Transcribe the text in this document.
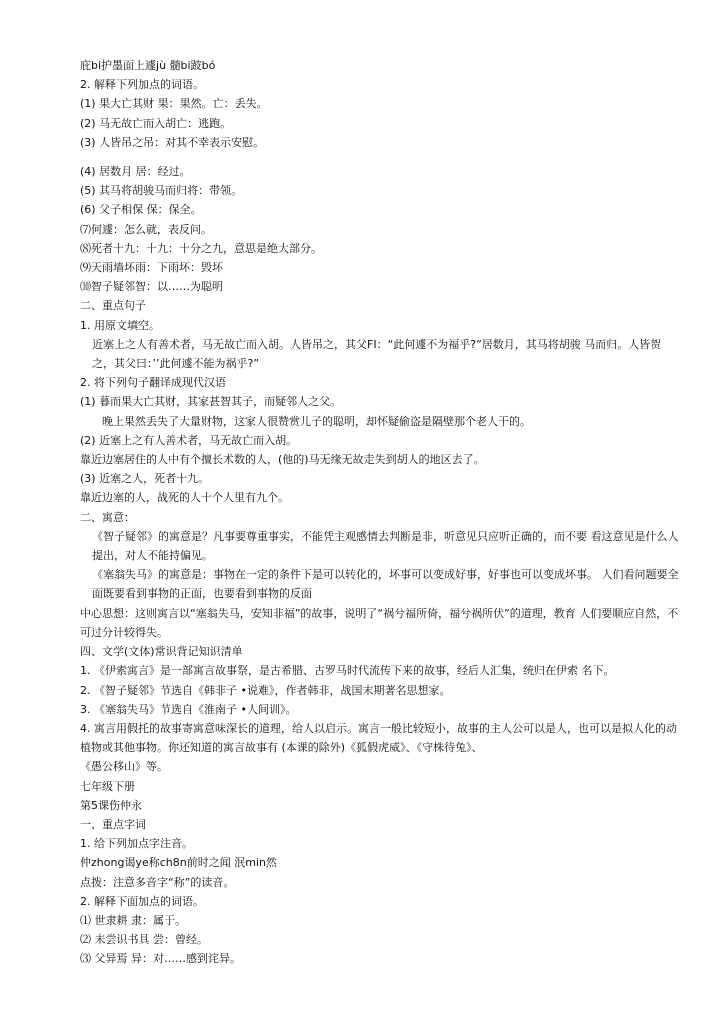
庇bi护墨面上遽jù 髓bi跛bó
2. 解释下列加点的词语。
(1) 果大亡其财 果：果然。亡：丢失。
(2) 马无故亡而入胡亡：逃跑。
(3) 人皆吊之吊：对其不幸表示安慰。
(4) 居数月 居：经过。
(5) 其马将胡骏马而归将：带领。
(6) 父子相保 保：保全。
⑺何遽：怎么就，表反问。
⑻死者十九：十九：十分之九，意思是绝大部分。
⑼天雨墙坏雨：下雨坏：毁坏
⑽智子疑邻智：以……为聪明
二、重点句子
1. 用原文填空。
近塞上之人有善术者，马无故亡而入胡。人皆吊之，其父FI：“此何遽不为福乎?”居数月，其马将胡骏 马而归。人皆贺之，其父曰：’’此何遽不能为祸乎?”
2. 将下列句子翻译成现代汉语
(1) 暮而果大亡其财，其家甚智其子，而疑邻人之父。
晚上果然丢失了大量财物，这家人很赞赏儿子的聪明，却怀疑偷盗是隔壁那个老人干的。
(2) 近塞上之有人善术者，马无故亡而入胡。
靠近边塞居住的人中有个擅长术数的人，(他的)马无缘无故走失到胡人的地区去了。
(3) 近塞之人，死者十九。
靠近边塞的人，战死的人十个人里有九个。
二、寓意：
《智子疑邻》的寓意是？凡事要尊重事实，不能凭主观感情去判断是非，听意见只应听正确的，而不要 看这意见是什么人提出，对人不能持偏见。
《塞翁失马》的寓意是：事物在一定的条件下是可以转化的，坏事可以变成好事，好事也可以变成坏事。 人们看问题要全面既要看到事物的正面，也要看到事物的反面
中心思想：这则寓言以“塞翁失马，安知非福”的故事，说明了“祸兮福所倚，福兮祸所伏”的道理，教育 人们要顺应自然，不可过分计较得失。
四、文学(文体)常识背记知识清单
1. 《伊索寓言》是一部寓言故事祭，是古希腊、古罗马时代流传下来的故事，经后人汇集，统归在伊索 名下。
2. 《智子疑邻》节选自《韩非子 •说难》，作者韩非，战国末期著名思想家。
3. 《塞翁失马》节选自《淮南子 •人间训》。
4. 寓言用假托的故事寄寓意味深长的道理，给人以启示。寓言一般比较短小，故事的主人公可以是人，也可以是拟人化的动植物或其他事物。你还知道的寓言故事有 (本课的除外)《狐假虎威》、《守株待兔》、
《愚公移山》等。
七年级下册
第5课伤仲永
一、重点字词
1. 给下列加点字注音。
仲zhong谒ye称ch8n前时之闻 泯min然
点拨：注意多音字“称”的读音。
2. 解释下面加点的词语。
⑴ 世隶耕 隶：属于。
⑵ 未尝识书具 尝：曾经。
⑶ 父异焉 异：对……感到诧异。
